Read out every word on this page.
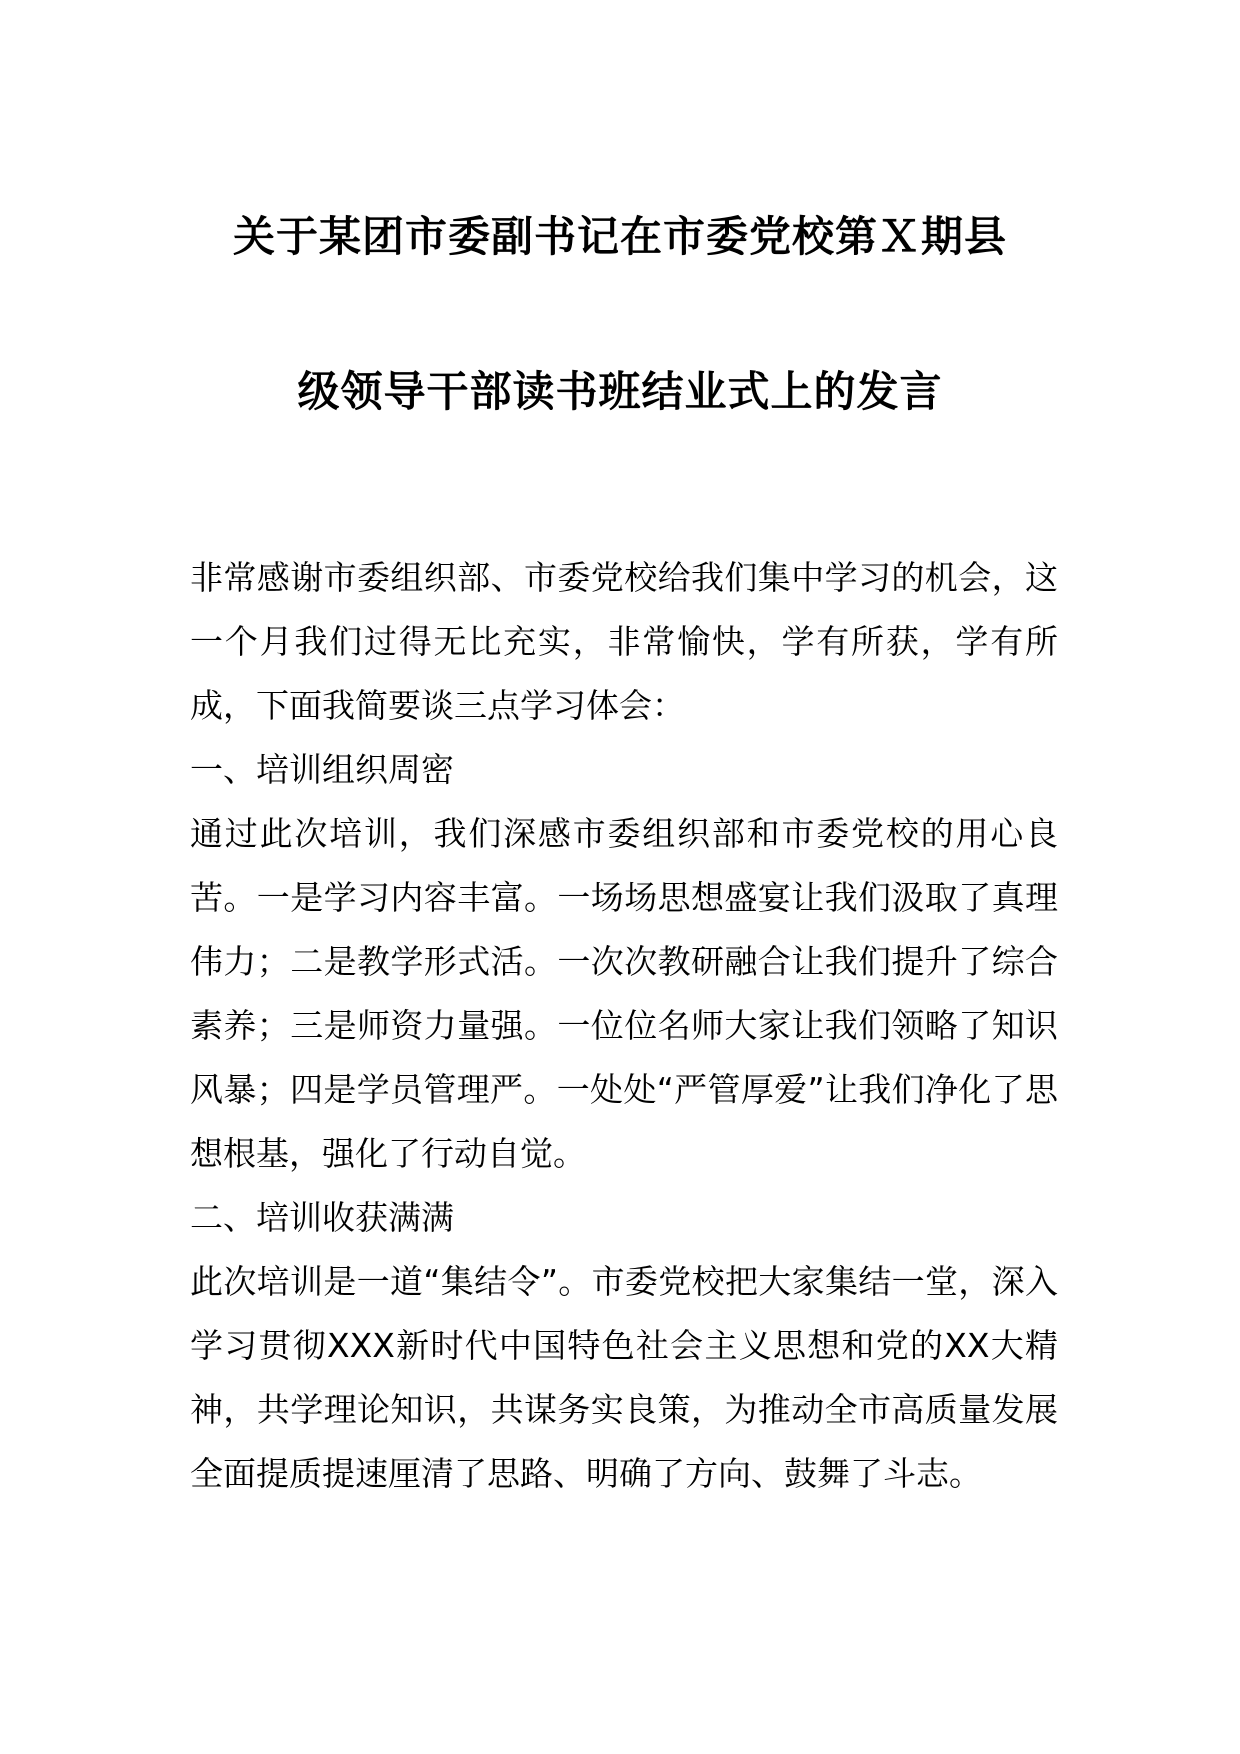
关于某团市委副书记在市委党校第Ｘ期县
级领导干部读书班结业式上的发言

非常感谢市委组织部、市委党校给我们集中学习的机会，这一个月我们过得无比充实，非常愉快，学有所获，学有所成，下面我简要谈三点学习体会：

一、培训组织周密

通过此次培训，我们深感市委组织部和市委党校的用心良苦。一是学习内容丰富。一场场思想盛宴让我们汲取了真理伟力；二是教学形式活。一次次教研融合让我们提升了综合素养；三是师资力量强。一位位名师大家让我们领略了知识风暴；四是学员管理严。一处处“严管厚爱”让我们净化了思想根基，强化了行动自觉。

二、培训收获满满

此次培训是一道“集结令”。市委党校把大家集结一堂，深入学习贯彻XXX新时代中国特色社会主义思想和党的XX大精神，共学理论知识，共谋务实良策，为推动全市高质量发展全面提质提速厘清了思路、明确了方向、鼓舞了斗志。
